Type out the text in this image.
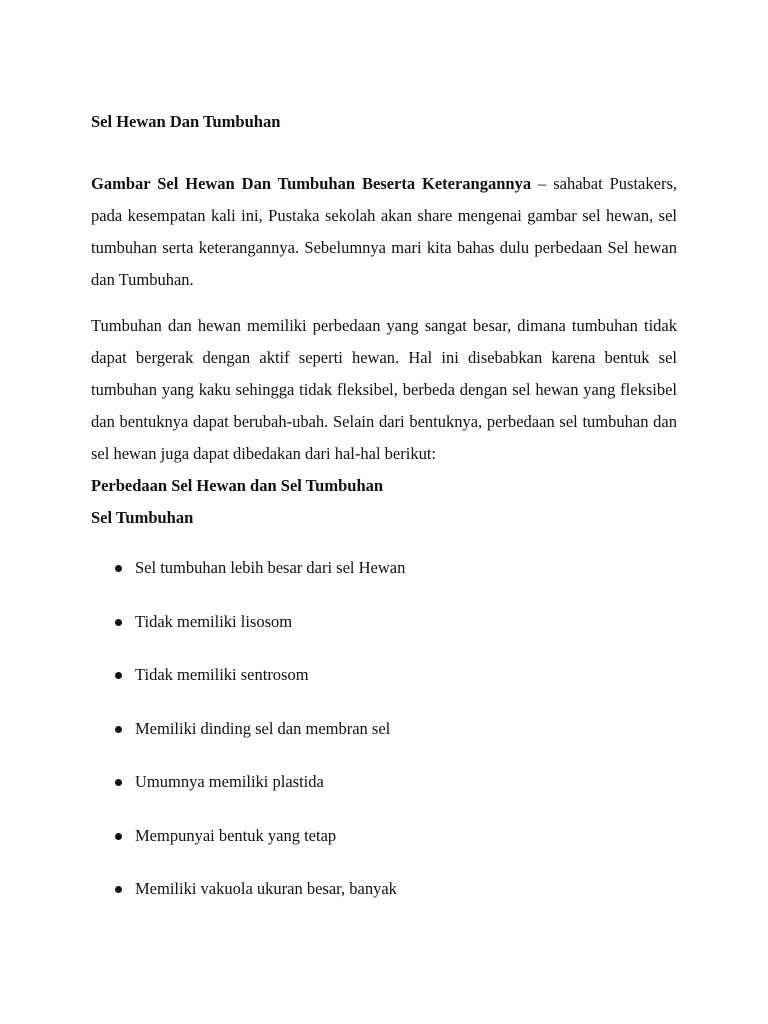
Sel Hewan Dan Tumbuhan

Gambar Sel Hewan Dan Tumbuhan Beserta Keterangannya – sahabat Pustakers, pada kesempatan kali ini, Pustaka sekolah akan share mengenai gambar sel hewan, sel tumbuhan serta keterangannya. Sebelumnya mari kita bahas dulu perbedaan Sel hewan dan Tumbuhan.

Tumbuhan dan hewan memiliki perbedaan yang sangat besar, dimana tumbuhan tidak dapat bergerak dengan aktif seperti hewan. Hal ini disebabkan karena bentuk sel tumbuhan yang kaku sehingga tidak fleksibel, berbeda dengan sel hewan yang fleksibel dan bentuknya dapat berubah-ubah. Selain dari bentuknya, perbedaan sel tumbuhan dan sel hewan juga dapat dibedakan dari hal-hal berikut:

Perbedaan Sel Hewan dan Sel Tumbuhan

Sel Tumbuhan

Sel tumbuhan lebih besar dari sel Hewan
Tidak memiliki lisosom
Tidak memiliki sentrosom
Memiliki dinding sel dan membran sel
Umumnya memiliki plastida
Mempunyai bentuk yang tetap
Memiliki vakuola ukuran besar, banyak
